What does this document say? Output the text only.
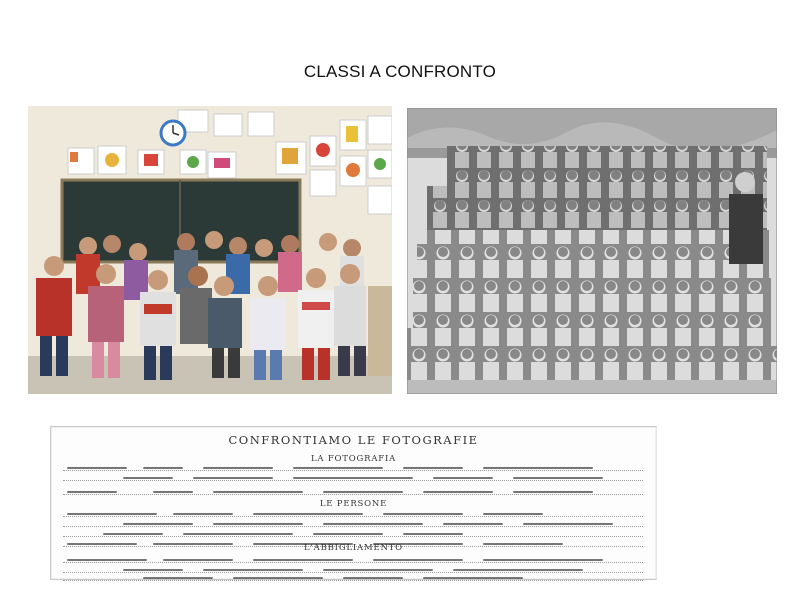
CLASSI A CONFRONTO
CONFRONTIAMO LE FOTOGRAFIE
LA FOTOGRAFIA
LE PERSONE
L'ABBIGLIAMENTO
